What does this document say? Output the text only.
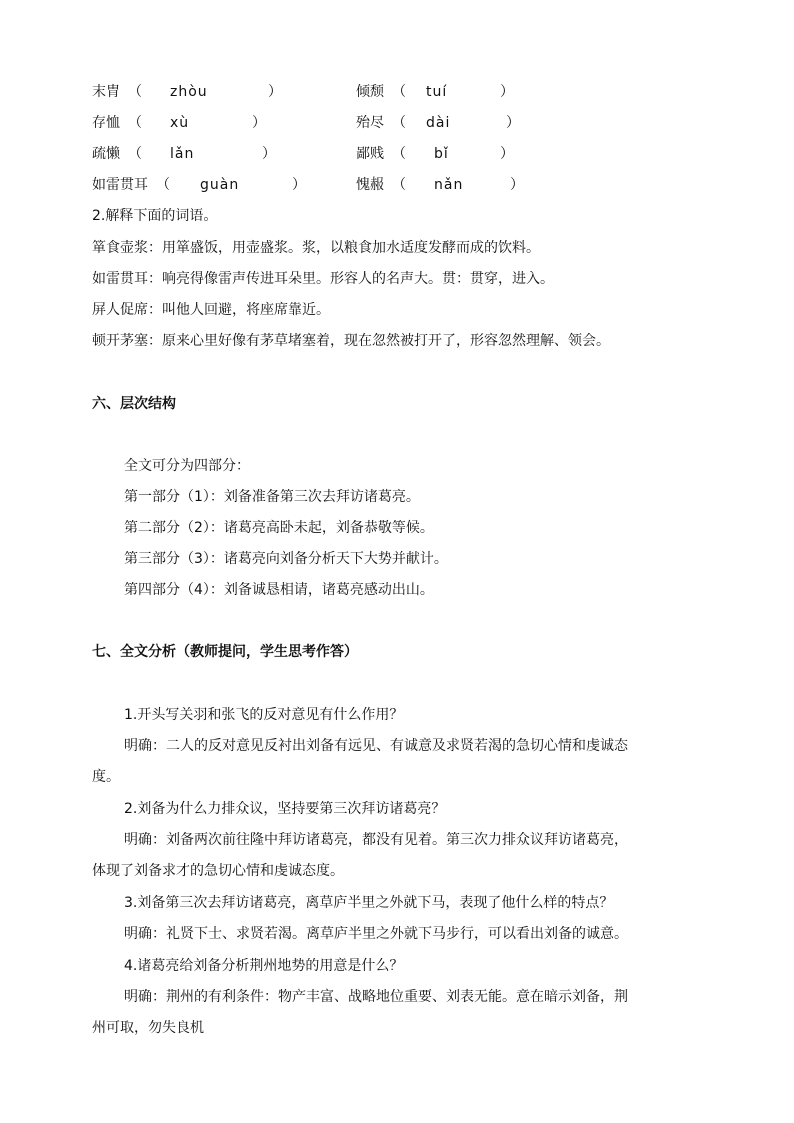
末胄 （ zhòu	）	倾颓 （ tuí	）
存恤 （ xù	）	殆尽 （ dài	）
疏懒 （ lǎn	）	鄙贱 （ bǐ	）
如雷贯耳 （ guàn	）	愧赧 （ nǎn	）
2.解释下面的词语。
箪食壶浆：用箪盛饭，用壶盛浆。浆，以粮食加水适度发酵而成的饮料。
如雷贯耳：响亮得像雷声传进耳朵里。形容人的名声大。贯：贯穿，进入。
屏人促席：叫他人回避，将座席靠近。
顿开茅塞：原来心里好像有茅草堵塞着，现在忽然被打开了，形容忽然理解、领会。
六、层次结构
全文可分为四部分：
第一部分（1）：刘备准备第三次去拜访诸葛亮。
第二部分（2）：诸葛亮高卧未起，刘备恭敬等候。
第三部分（3）：诸葛亮向刘备分析天下大势并献计。
第四部分（4）：刘备诚恳相请，诸葛亮感动出山。
七、全文分析（教师提问，学生思考作答）
1.开头写关羽和张飞的反对意见有什么作用？
明确：二人的反对意见反衬出刘备有远见、有诚意及求贤若渴的急切心情和虔诚态
度。
2.刘备为什么力排众议，坚持要第三次拜访诸葛亮？
明确：刘备两次前往隆中拜访诸葛亮，都没有见着。第三次力排众议拜访诸葛亮，
体现了刘备求才的急切心情和虔诚态度。
3.刘备第三次去拜访诸葛亮，离草庐半里之外就下马，表现了他什么样的特点？
明确：礼贤下士、求贤若渴。离草庐半里之外就下马步行，可以看出刘备的诚意。
4.诸葛亮给刘备分析荆州地势的用意是什么？
明确：荆州的有利条件：物产丰富、战略地位重要、刘表无能。意在暗示刘备，荆
州可取，勿失良机
